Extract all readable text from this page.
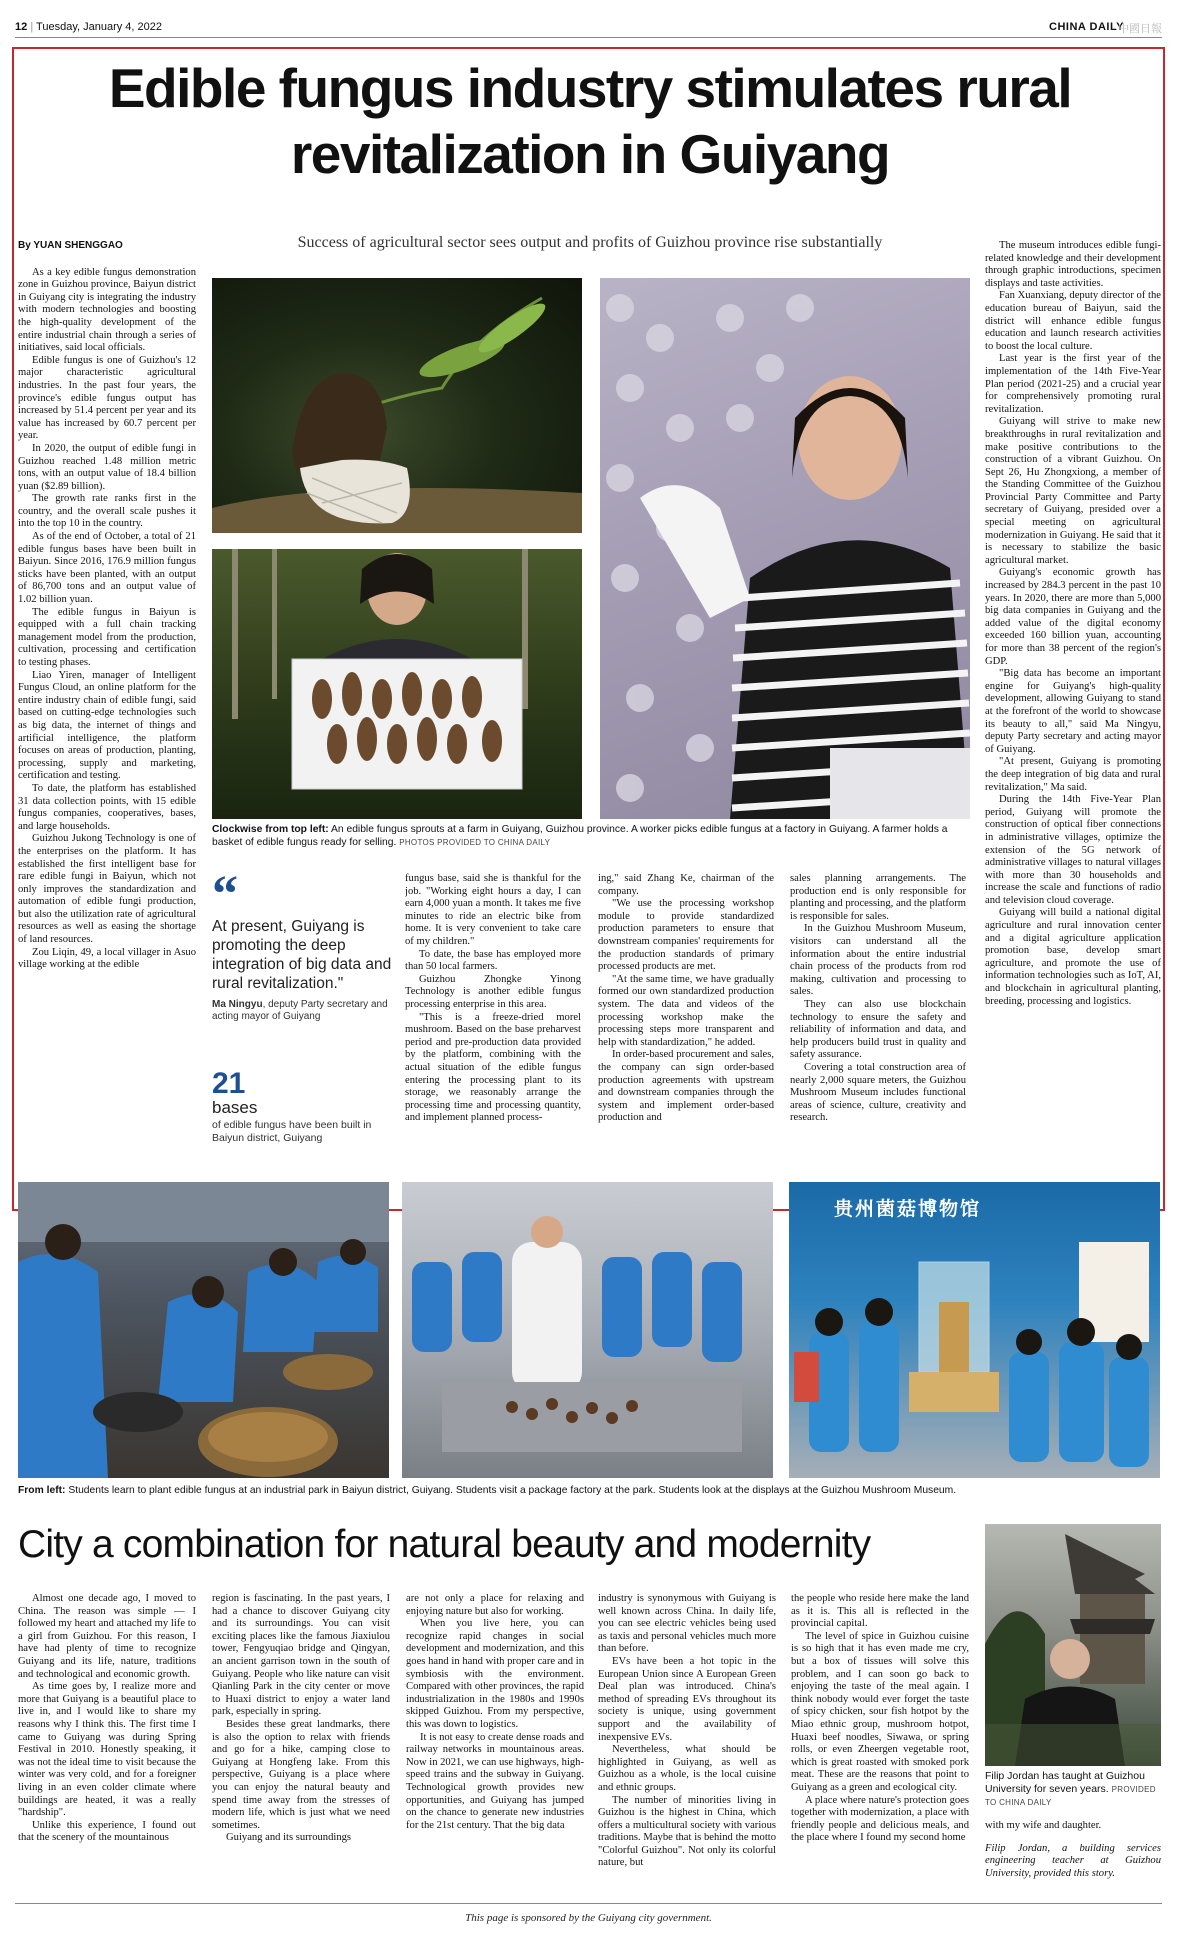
12 | Tuesday, January 4, 2022	CHINA DAILY
中國日報
Edible fungus industry stimulates rural revitalization in Guiyang
Success of agricultural sector sees output and profits of Guizhou province rise substantially

By YUAN SHENGGAO

As a key edible fungus demonstration zone in Guizhou province, Baiyun district in Guiyang city is integrating the industry with modern technologies and boosting the high-quality development of the entire industrial chain through a series of initiatives, said local officials.

Edible fungus is one of Guizhou's 12 major characteristic agricultural industries. In the past four years, the province's edible fungus output has increased by 51.4 percent per year and its value has increased by 60.7 percent per year.

In 2020, the output of edible fungi in Guizhou reached 1.48 million metric tons, with an output value of 18.4 billion yuan ($2.89 billion).

The growth rate ranks first in the country, and the overall scale pushes it into the top 10 in the country.

As of the end of October, a total of 21 edible fungus bases have been built in Baiyun. Since 2016, 176.9 million fungus sticks have been planted, with an output of 86,700 tons and an output value of 1.02 billion yuan.

The edible fungus in Baiyun is equipped with a full chain tracking management model from the production, cultivation, processing and certification to testing phases.

Liao Yiren, manager of Intelligent Fungus Cloud, an online platform for the entire industry chain of edible fungi, said based on cutting-edge technologies such as big data, the internet of things and artificial intelligence, the platform focuses on areas of production, planting, processing, supply and marketing, certification and testing.

To date, the platform has established 31 data collection points, with 15 edible fungus companies, cooperatives, bases, and large households.

Guizhou Jukong Technology is one of the enterprises on the platform. It has established the first intelligent base for rare edible fungi in Baiyun, which not only improves the standardization and automation of edible fungi production, but also the utilization rate of agricultural resources as well as easing the shortage of land resources.

Zou Liqin, 49, a local villager in Asuo village working at the edible

Clockwise from top left: An edible fungus sprouts at a farm in Guiyang, Guizhou province. A worker picks edible fungus at a factory in Guiyang. A farmer holds a basket of edible fungus ready for selling. PHOTOS PROVIDED TO CHINA DAILY
“
At present, Guiyang is promoting the deep integration of big data and rural revitalization."
Ma Ningyu, deputy Party secretary and acting mayor of Guiyang
21
bases
of edible fungus have been built in Baiyun district, Guiyang

fungus base, said she is thankful for the job. "Working eight hours a day, I can earn 4,000 yuan a month. It takes me five minutes to ride an electric bike from home. It is very convenient to take care of my children."

To date, the base has employed more than 50 local farmers.

Guizhou Zhongke Yinong Technology is another edible fungus processing enterprise in this area.

"This is a freeze-dried morel mushroom. Based on the base preharvest period and pre-production data provided by the platform, combining with the actual situation of the edible fungus entering the processing plant to its storage, we reasonably arrange the processing time and processing quantity, and implement planned process-

ing," said Zhang Ke, chairman of the company.

"We use the processing workshop module to provide standardized production parameters to ensure that downstream companies' requirements for the production standards of primary processed products are met.

"At the same time, we have gradually formed our own standardized production system. The data and videos of the processing workshop make the processing steps more transparent and help with standardization," he added.

In order-based procurement and sales, the company can sign order-based production agreements with upstream and downstream companies through the system and implement order-based production and

sales planning arrangements. The production end is only responsible for planting and processing, and the platform is responsible for sales.

In the Guizhou Mushroom Museum, visitors can understand all the information about the entire industrial chain process of the products from rod making, cultivation and processing to sales.

They can also use blockchain technology to ensure the safety and reliability of information and data, and help producers build trust in quality and safety assurance.

Covering a total construction area of nearly 2,000 square meters, the Guizhou Mushroom Museum includes functional areas of science, culture, creativity and research.

The museum introduces edible fungi-related knowledge and their development through graphic introductions, specimen displays and taste activities.

Fan Xuanxiang, deputy director of the education bureau of Baiyun, said the district will enhance edible fungus education and launch research activities to boost the local culture.

Last year is the first year of the implementation of the 14th Five-Year Plan period (2021-25) and a crucial year for comprehensively promoting rural revitalization.

Guiyang will strive to make new breakthroughs in rural revitalization and make positive contributions to the construction of a vibrant Guizhou. On Sept 26, Hu Zhongxiong, a member of the Standing Committee of the Guizhou Provincial Party Committee and Party secretary of Guiyang, presided over a special meeting on agricultural modernization in Guiyang. He said that it is necessary to stabilize the basic agricultural market.

Guiyang's economic growth has increased by 284.3 percent in the past 10 years. In 2020, there are more than 5,000 big data companies in Guiyang and the added value of the digital economy exceeded 160 billion yuan, accounting for more than 38 percent of the region's GDP.

"Big data has become an important engine for Guiyang's high-quality development, allowing Guiyang to stand at the forefront of the world to showcase its beauty to all," said Ma Ningyu, deputy Party secretary and acting mayor of Guiyang.

"At present, Guiyang is promoting the deep integration of big data and rural revitalization," Ma said.

During the 14th Five-Year Plan period, Guiyang will promote the construction of optical fiber connections in administrative villages, optimize the extension of the 5G network of administrative villages to natural villages with more than 30 households and increase the scale and functions of radio and television cloud coverage.

Guiyang will build a national digital agriculture and rural innovation center and a digital agriculture application promotion base, develop smart agriculture, and promote the use of information technologies such as IoT, AI, and blockchain in agricultural planting, breeding, processing and logistics.

贵州菌菇博物馆
From left: Students learn to plant edible fungus at an industrial park in Baiyun district, Guiyang. Students visit a package factory at the park. Students look at the displays at the Guizhou Mushroom Museum.
City a combination for natural beauty and modernity

Almost one decade ago, I moved to China. The reason was simple — I followed my heart and attached my life to a girl from Guizhou. For this reason, I have had plenty of time to recognize Guiyang and its life, nature, traditions and technological and economic growth.

As time goes by, I realize more and more that Guiyang is a beautiful place to live in, and I would like to share my reasons why I think this. The first time I came to Guiyang was during Spring Festival in 2010. Honestly speaking, it was not the ideal time to visit because the winter was very cold, and for a foreigner living in an even colder climate where buildings are heated, it was a really "hardship".

Unlike this experience, I found out that the scenery of the mountainous

region is fascinating. In the past years, I had a chance to discover Guiyang city and its surroundings. You can visit exciting places like the famous Jiaxiulou tower, Fengyuqiao bridge and Qingyan, an ancient garrison town in the south of Guiyang. People who like nature can visit Qianling Park in the city center or move to Huaxi district to enjoy a water land park, especially in spring.

Besides these great landmarks, there is also the option to relax with friends and go for a hike, camping close to Guiyang at Hongfeng lake. From this perspective, Guiyang is a place where you can enjoy the natural beauty and spend time away from the stresses of modern life, which is just what we need sometimes.

Guiyang and its surroundings

are not only a place for relaxing and enjoying nature but also for working.

When you live here, you can recognize rapid changes in social development and modernization, and this goes hand in hand with proper care and in symbiosis with the environment. Compared with other provinces, the rapid industrialization in the 1980s and 1990s skipped Guizhou. From my perspective, this was down to logistics.

It is not easy to create dense roads and railway networks in mountainous areas. Now in 2021, we can use highways, high-speed trains and the subway in Guiyang. Technological growth provides new opportunities, and Guiyang has jumped on the chance to generate new industries for the 21st century. That the big data

industry is synonymous with Guiyang is well known across China. In daily life, you can see electric vehicles being used as taxis and personal vehicles much more than before.

EVs have been a hot topic in the European Union since A European Green Deal plan was introduced. China's method of spreading EVs throughout its society is unique, using government support and the availability of inexpensive EVs.

Nevertheless, what should be highlighted in Guiyang, as well as Guizhou as a whole, is the local cuisine and ethnic groups.

The number of minorities living in Guizhou is the highest in China, which offers a multicultural society with various traditions. Maybe that is behind the motto "Colorful Guizhou". Not only its colorful nature, but

the people who reside here make the land as it is. This all is reflected in the provincial capital.

The level of spice in Guizhou cuisine is so high that it has even made me cry, but a box of tissues will solve this problem, and I can soon go back to enjoying the taste of the meal again. I think nobody would ever forget the taste of spicy chicken, sour fish hotpot by the Miao ethnic group, mushroom hotpot, Huaxi beef noodles, Siwawa, or spring rolls, or even Zheergen vegetable root, which is great roasted with smoked pork meat. These are the reasons that point to Guiyang as a green and ecological city.

A place where nature's protection goes together with modernization, a place with friendly people and delicious meals, and the place where I found my second home

Filip Jordan has taught at Guizhou University for seven years. PROVIDED TO CHINA DAILY

with my wife and daughter.

Filip Jordan, a building services engineering teacher at Guizhou University, provided this story.

This page is sponsored by the Guiyang city government.
